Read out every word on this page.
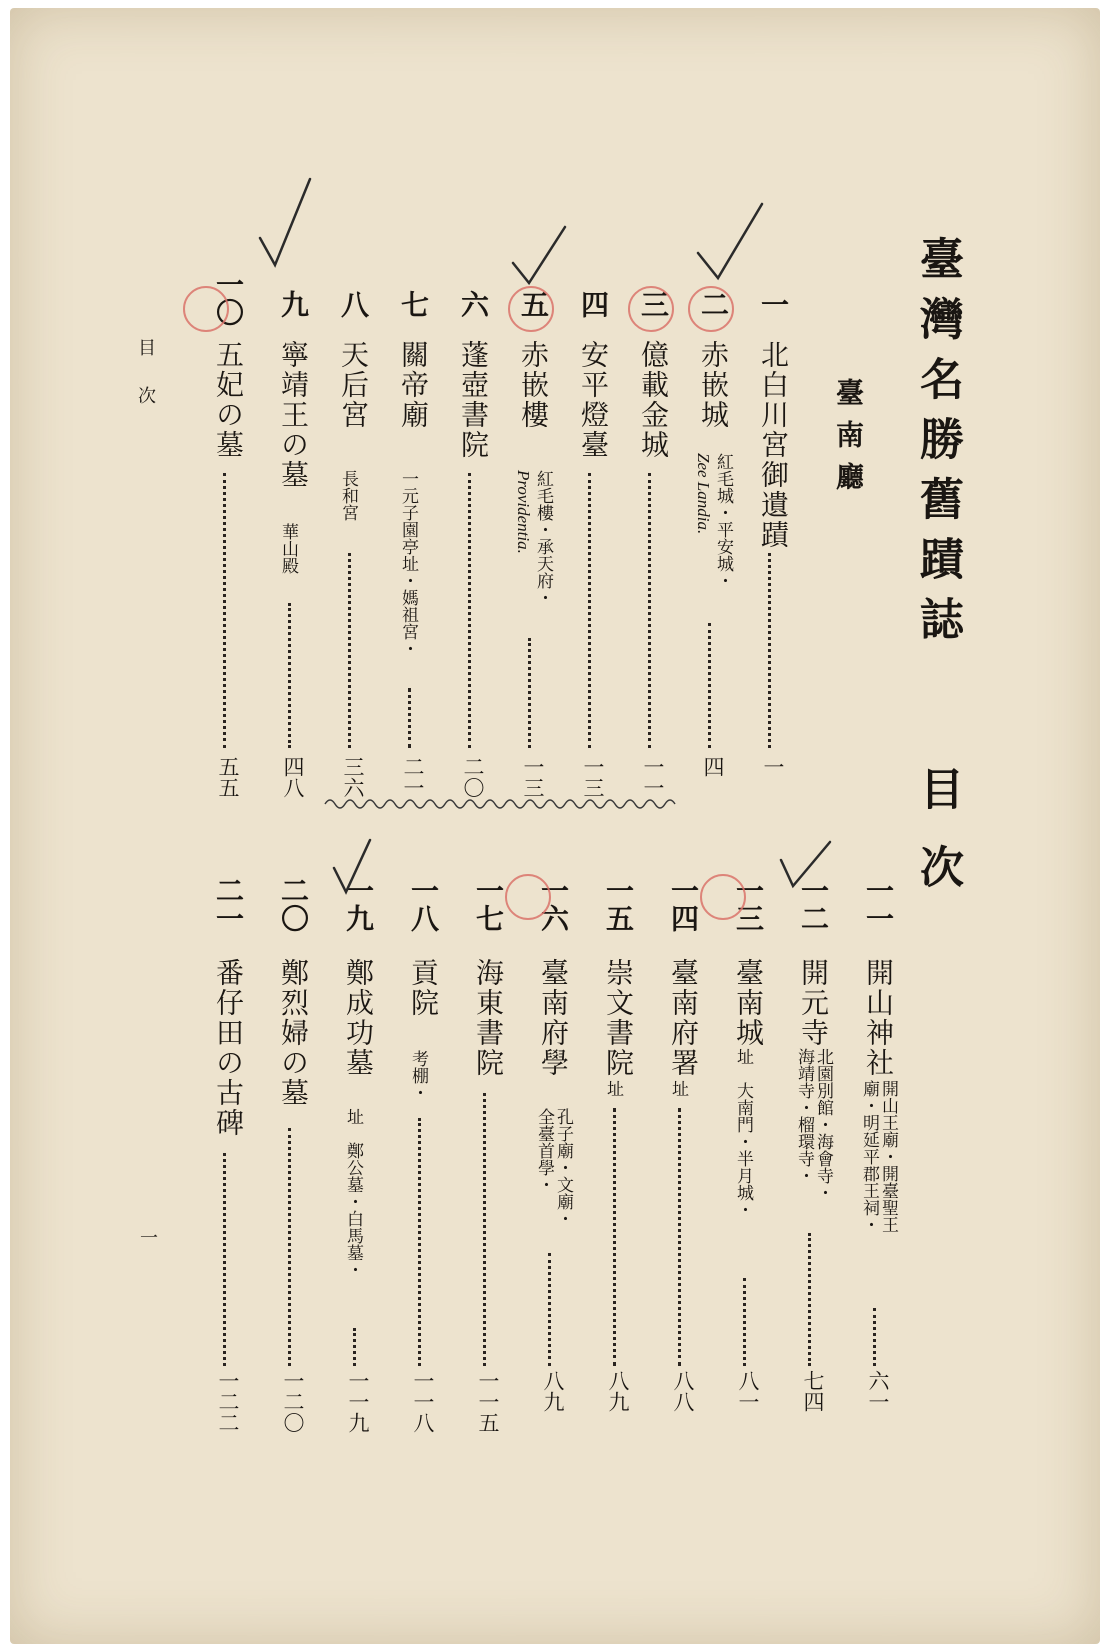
臺灣名勝舊蹟誌
目次
臺南廳
目次
一
一
北白川宮御遺蹟
一
二
赤嵌城
紅毛城・平安城・
Zee Landia.
四
三
億載金城
一一
四
安平燈臺
一三
五
赤嵌樓
紅毛樓・承天府・
Providentia.
一三
六
蓬壺書院
二〇
七
關帝廟
一元子園亭址・媽祖宮・
二一
八
天后宮
長和宮
三六
九
寧靖王の墓
華山殿
四八
一〇
五妃の墓
五五
一一
開山神社
開山王廟・開臺聖王
廟・明延平郡王祠・
六一
一二
開元寺
北園別館・海會寺・
海靖寺・榴環寺・
七四
一三
臺南城
址　大南門・半月城・
八一
一四
臺南府署
址
八八
一五
崇文書院
址
八九
一六
臺南府學
孔子廟・文廟・
全臺首學・
八九
一七
海東書院
一一五
一八
貢院
考棚・
一一八
一九
鄭成功墓
址　鄭公墓・白馬墓・
一一九
二〇
鄭烈婦の墓
一二〇
二一
番仔田の古碑
一二二
